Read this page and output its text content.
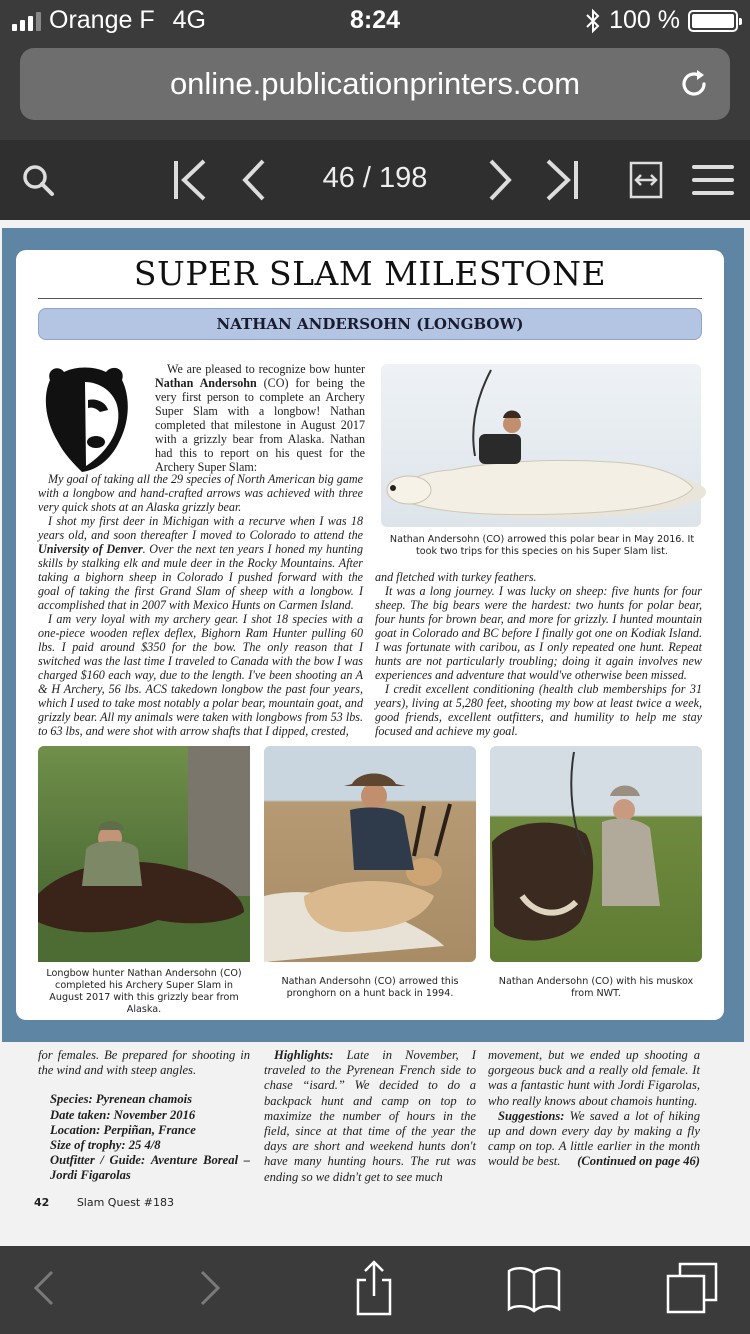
Orange F 4G	8:24	100 %
online.publicationprinters.com
46 / 198
SUPER SLAM MILESTONE
NATHAN ANDERSOHN (LONGBOW)
We are pleased to recognize bow hunter Nathan Andersohn (CO) for being the very first person to complete an Archery Super Slam with a longbow! Nathan completed that milestone in August 2017 with a grizzly bear from Alaska. Nathan had this to report on his quest for the Archery Super Slam:

My goal of taking all the 29 species of North American big game with a longbow and hand-crafted arrows was achieved with three very quick shots at an Alaska grizzly bear.

I shot my first deer in Michigan with a recurve when I was 18 years old, and soon thereafter I moved to Colorado to attend the University of Denver. Over the next ten years I honed my hunting skills by stalking elk and mule deer in the Rocky Mountains. After taking a bighorn sheep in Colorado I pushed forward with the goal of taking the first Grand Slam of sheep with a longbow. I accomplished that in 2007 with Mexico Hunts on Carmen Island.

I am very loyal with my archery gear. I shot 18 species with a one-piece wooden reflex deflex, Bighorn Ram Hunter pulling 60 lbs. I paid around $350 for the bow. The only reason that I switched was the last time I traveled to Canada with the bow I was charged $160 each way, due to the length. I've been shooting an A & H Archery, 56 lbs. ACS takedown longbow the past four years, which I used to take most notably a polar bear, mountain goat, and grizzly bear. All my animals were taken with longbows from 53 lbs. to 63 lbs, and were shot with arrow shafts that I dipped, crested,

Nathan Andersohn (CO) arrowed this polar bear in May 2016. It took two trips for this species on his Super Slam list.

and fletched with turkey feathers.

It was a long journey. I was lucky on sheep: five hunts for four sheep. The big bears were the hardest: two hunts for polar bear, four hunts for brown bear, and more for grizzly. I hunted mountain goat in Colorado and BC before I finally got one on Kodiak Island. I was fortunate with caribou, as I only repeated one hunt. Repeat hunts are not particularly troubling; doing it again involves new experiences and adventure that would've otherwise been missed.

I credit excellent conditioning (health club memberships for 31 years), living at 5,280 feet, shooting my bow at least twice a week, good friends, excellent outfitters, and humility to help me stay focused and achieve my goal.

Longbow hunter Nathan Andersohn (CO) completed his Archery Super Slam in August 2017 with this grizzly bear from Alaska.
Nathan Andersohn (CO) arrowed this pronghorn on a hunt back in 1994.
Nathan Andersohn (CO) with his muskox from NWT.
for females. Be prepared for shooting in the wind and with steep angles.
Species: Pyrenean chamois
Date taken: November 2016
Location: Perpiñan, France
Size of trophy: 25 4/8
Outfitter / Guide: Aventure Boreal – Jordi Figarolas

Highlights: Late in November, I traveled to the Pyrenean French side to chase “isard.” We decided to do a backpack hunt and camp on top to maximize the number of hours in the field, since at that time of the year the days are short and weekend hunts don't have many hunting hours. The rut was ending so we didn't get to see much

movement, but we ended up shooting a gorgeous buck and a really old female. It was a fantastic hunt with Jordi Figarolas, who really knows about chamois hunting.
Suggestions: We saved a lot of hiking up and down every day by making a fly camp on top. A little earlier in the month would be best.	(Continued on page 46)
42	Slam Quest #183
